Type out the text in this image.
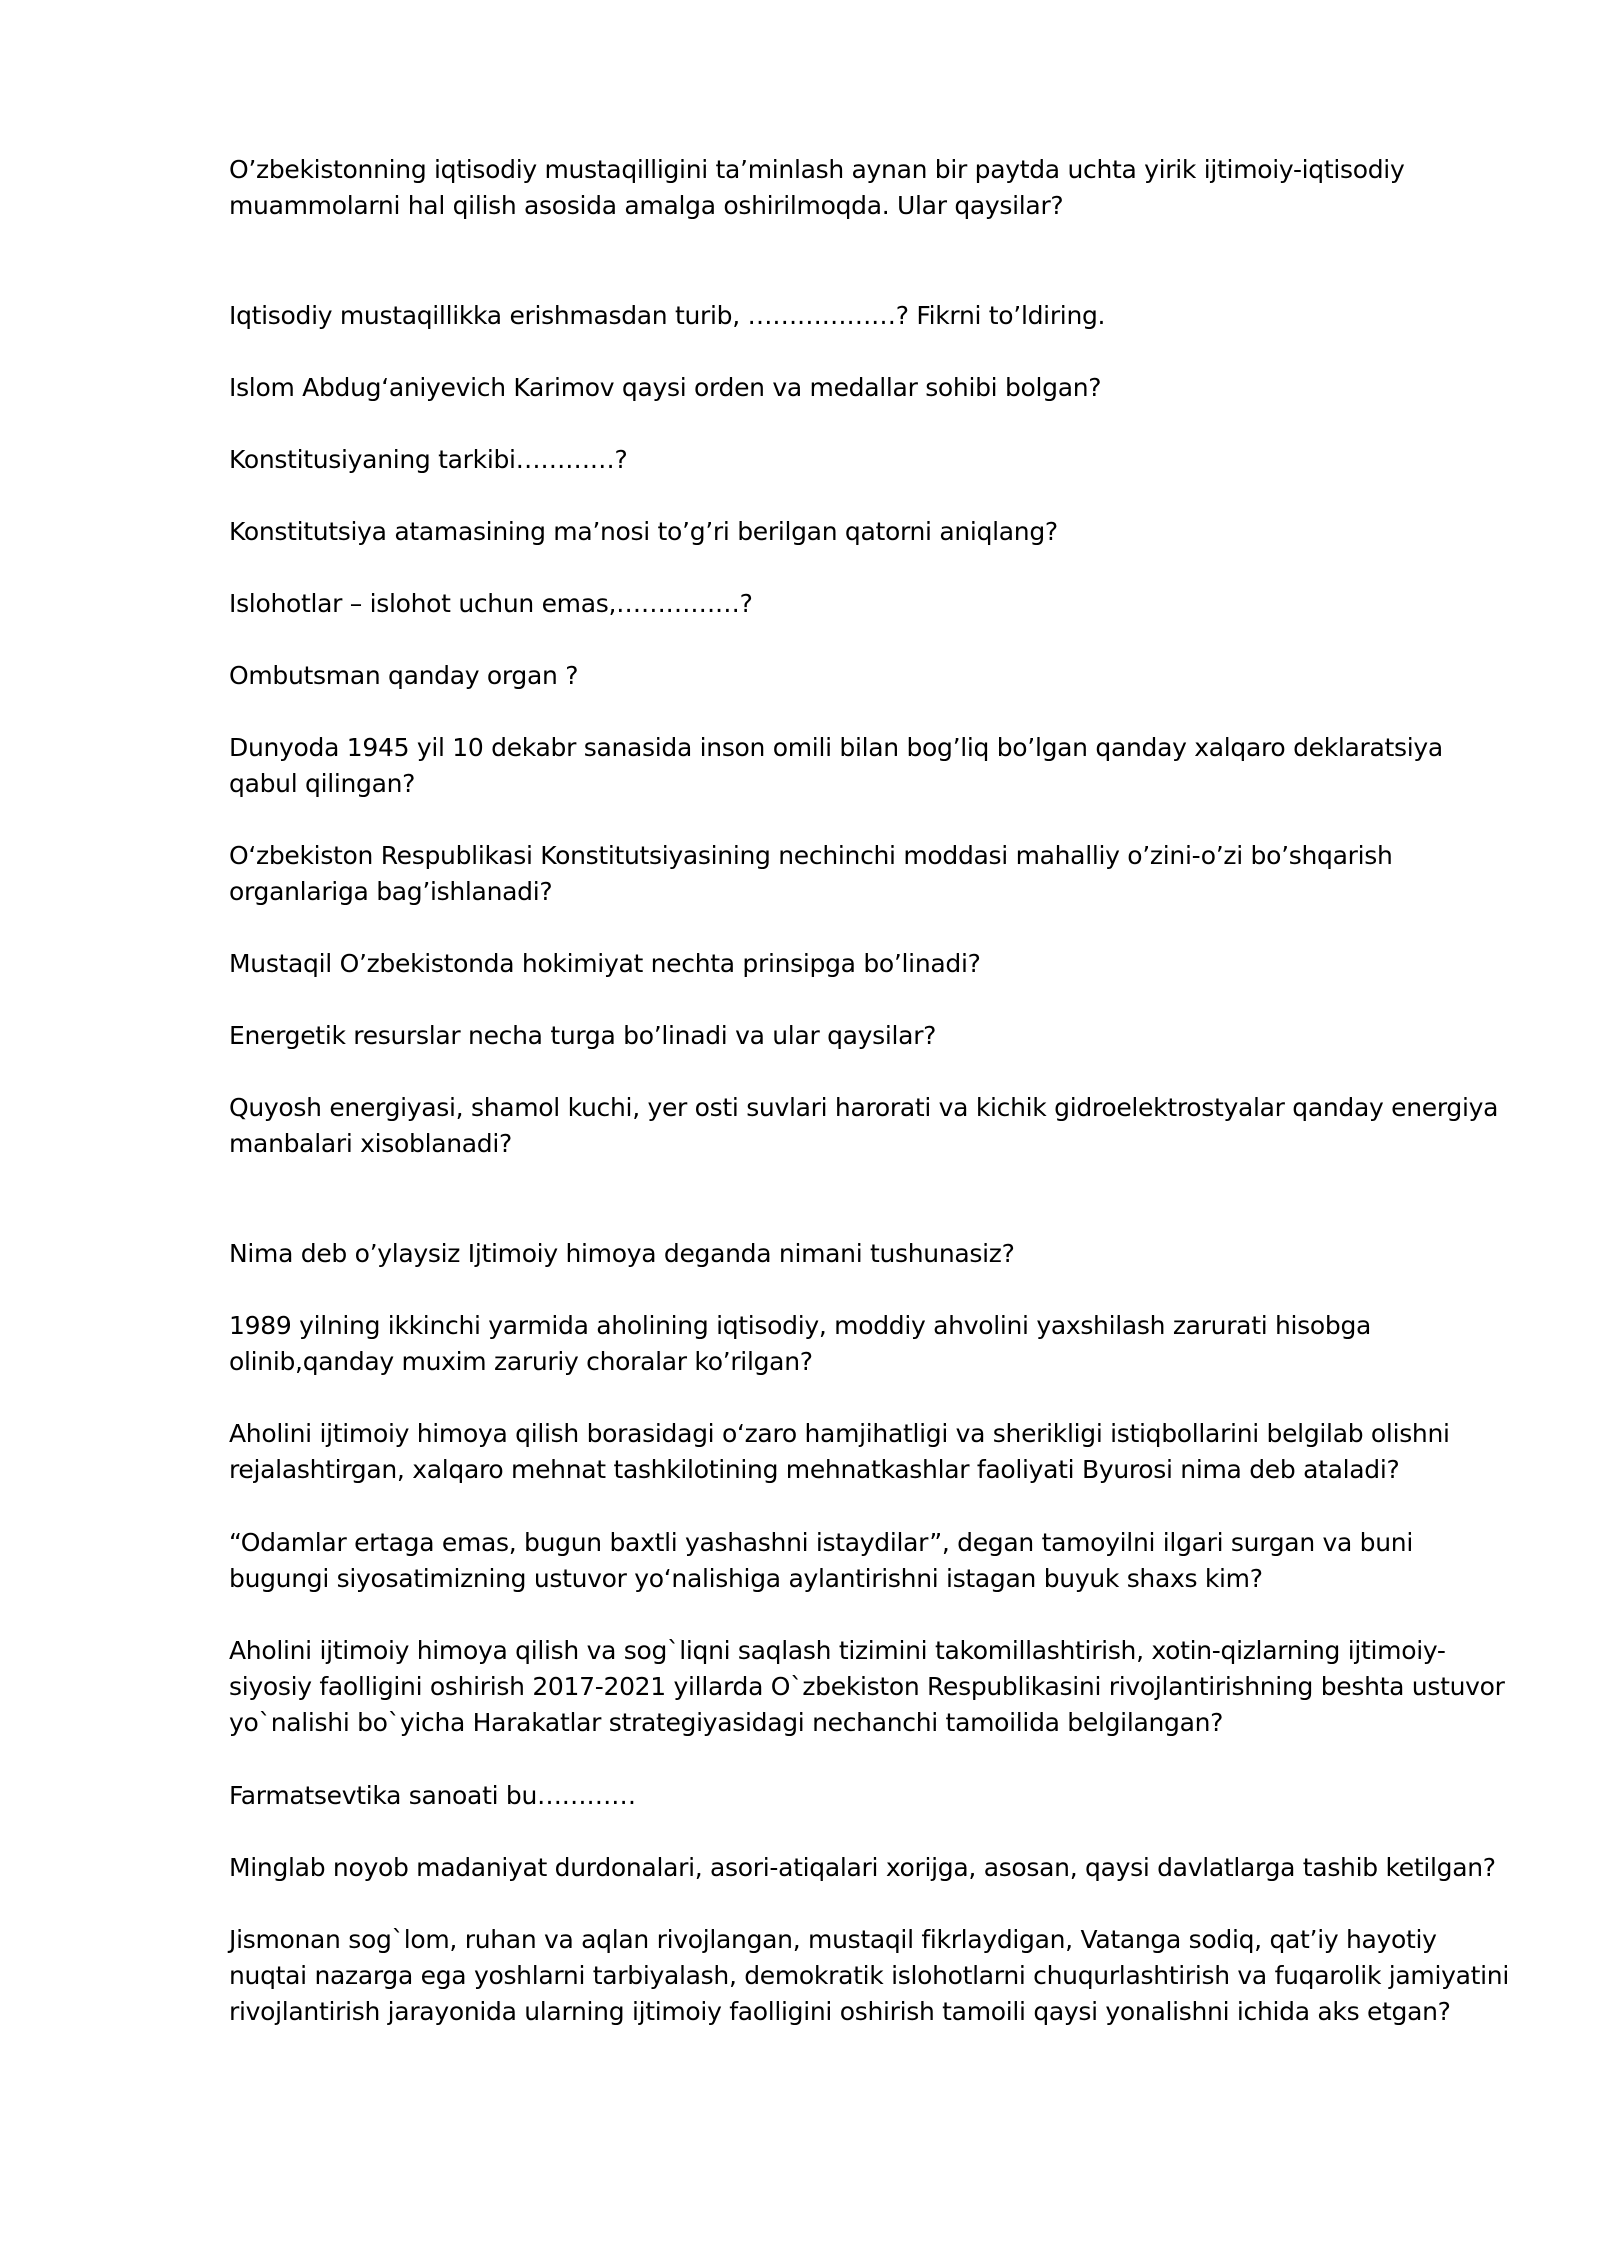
O’zbekistonning iqtisodiy mustaqilligini ta’minlash aynan bir paytda uchta yirik ijtimoiy-iqtisodiy muammolarni hal qilish asosida amalga oshirilmoqda. Ular qaysilar?

Iqtisodiy mustaqillikka erishmasdan turib, ………………? Fikrni to’ldiring.

Islom Abdugʻaniyevich Karimov qaysi orden va medallar sohibi bolgan?

Konstitusiyaning tarkibi…………?

Konstitutsiya atamasining ma’nosi to’g’ri berilgan qatorni aniqlang?

Islohotlar – islohot uchun emas,……………?

Ombutsman qanday organ ?

Dunyoda 1945 yil 10 dekabr sanasida inson omili bilan bog’liq bo’lgan qanday xalqaro deklaratsiya qabul qilingan?

Oʻzbekiston Respublikasi Konstitutsiyasining nechinchi moddasi mahalliy o’zini-o’zi bo’shqarish organlariga bag’ishlanadi?

Mustaqil O’zbekistonda hokimiyat nechta prinsipga bo’linadi?

Energetik resurslar necha turga bo’linadi va ular qaysilar?

Quyosh energiyasi, shamol kuchi, yer osti suvlari harorati va kichik gidroelektrostyalar qanday energiya manbalari xisoblanadi?

Nima deb o’ylaysiz Ijtimoiy himoya deganda nimani tushunasiz?

1989 yilning ikkinchi yarmida aholining iqtisodiy, moddiy ahvolini yaxshilash zarurati hisobga olinib,qanday muxim zaruriy choralar ko’rilgan?

Aholini ijtimoiy himoya qilish borasidagi oʻzaro hamjihatligi va sherikligi istiqbollarini belgilab olishni rejalashtirgan, xalqaro mehnat tashkilotining mehnatkashlar faoliyati Byurosi nima deb ataladi?

“Odamlar ertaga emas, bugun baxtli yashashni istaydilar”, degan tamoyilni ilgari surgan va buni bugungi siyosatimizning ustuvor yoʻnalishiga aylantirishni istagan buyuk shaxs kim?

Aholini ijtimoiy himoya qilish va sog`liqni saqlash tizimini takomillashtirish, xotin-qizlarning ijtimoiy-siyosiy faolligini oshirish 2017-2021 yillarda O`zbekiston Respublikasini rivojlantirishning beshta ustuvor yo`nalishi bo`yicha Harakatlar strategiyasidagi nechanchi tamoilida belgilangan?

Farmatsevtika sanoati bu…………

Minglab noyob madaniyat durdonalari, asori-atiqalari xorijga, asosan, qaysi davlatlarga tashib ketilgan?

Jismonan sog`lom, ruhan va aqlan rivojlangan, mustaqil fikrlaydigan, Vatanga sodiq, qat’iy hayotiy nuqtai nazarga ega yoshlarni tarbiyalash, demokratik islohotlarni chuqurlashtirish va fuqarolik jamiyatini rivojlantirish jarayonida ularning ijtimoiy faolligini oshirish tamoili qaysi yonalishni ichida aks etgan?
